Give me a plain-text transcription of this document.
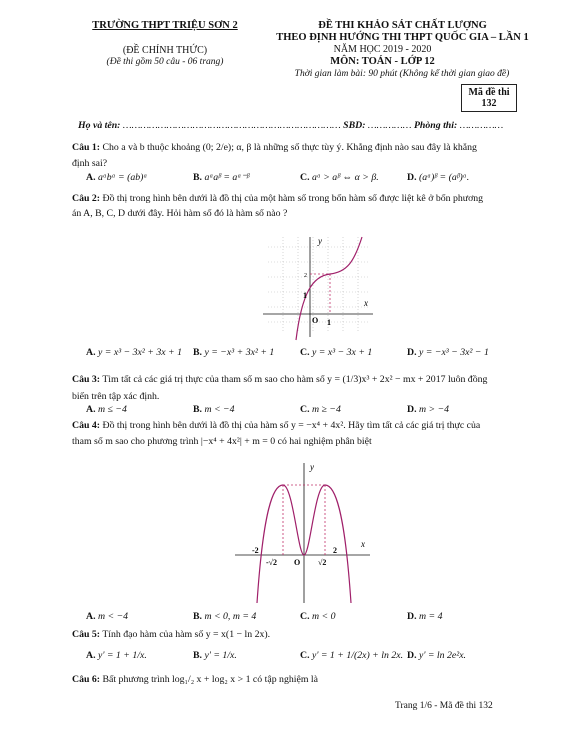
TRƯỜNG THPT TRIỆU SƠN 2
(ĐỀ CHÍNH THỨC)
(Đề thi gồm 50 câu - 06 trang)
ĐỀ THI KHẢO SÁT CHẤT LƯỢNG
THEO ĐỊNH HƯỚNG THI THPT QUỐC GIA – LẦN 1
NĂM HỌC 2019 - 2020
MÔN: TOÁN - LỚP 12
Thời gian làm bài: 90 phút (Không kể thời gian giao đề)
Mã đề thi
132
Họ và tên: ………………………………………………………………… SBD: …………… Phòng thi: ……………
Câu 1: Cho a và b thuộc khoảng (0; 2/e); α, β là những số thực tùy ý. Khẳng định nào sau đây là khẳng
định sai?
A. aᵅbᵅ = (ab)ᵅ	B. aᵅaᵝ = aᵅ⁻ᵝ	C. aᵅ > aᵝ ⇔ α > β.	D. (aᵅ)ᵝ = (aᵝ)ᵅ.
Câu 2: Đồ thị trong hình bên dưới là đồ thị của một hàm số trong bốn hàm số được liệt kê ở bốn phương
án A, B, C, D dưới đây. Hỏi hàm số đó là hàm số nào ?
y
x
O 1
1
2
A. y = x³ − 3x² + 3x + 1 B. y = −x³ + 3x² + 1	C. y = x³ − 3x + 1	D. y = −x³ − 3x² − 1
Câu 3: Tìm tất cả các giá trị thực của tham số m sao cho hàm số y = (1/3)x³ + 2x² − mx + 2017 luôn đồng
biến trên tập xác định.
A. m ≤ −4	B. m < −4	C. m ≥ −4	D. m > −4
Câu 4: Đồ thị trong hình bên dưới là đồ thị của hàm số y = −x⁴ + 4x². Hãy tìm tất cả các giá trị thực của
tham số m sao cho phương trình |−x⁴ + 4x²| + m = 0 có hai nghiệm phân biệt
y
x
O
-2
-√2	√2
2
A. m < −4	B. m < 0, m = 4	C. m < 0	D. m = 4
Câu 5: Tính đạo hàm của hàm số y = x(1 − ln 2x).
A. y' = 1 + 1/x.	B. y' = 1/x.	C. y' = 1 + 1/(2x) + ln 2x. D. y' = ln 2e²x.
Câu 6: Bất phương trình log₁/₂ x + log₂ x > 1 có tập nghiệm là
Trang 1/6 - Mã đề thi 132
